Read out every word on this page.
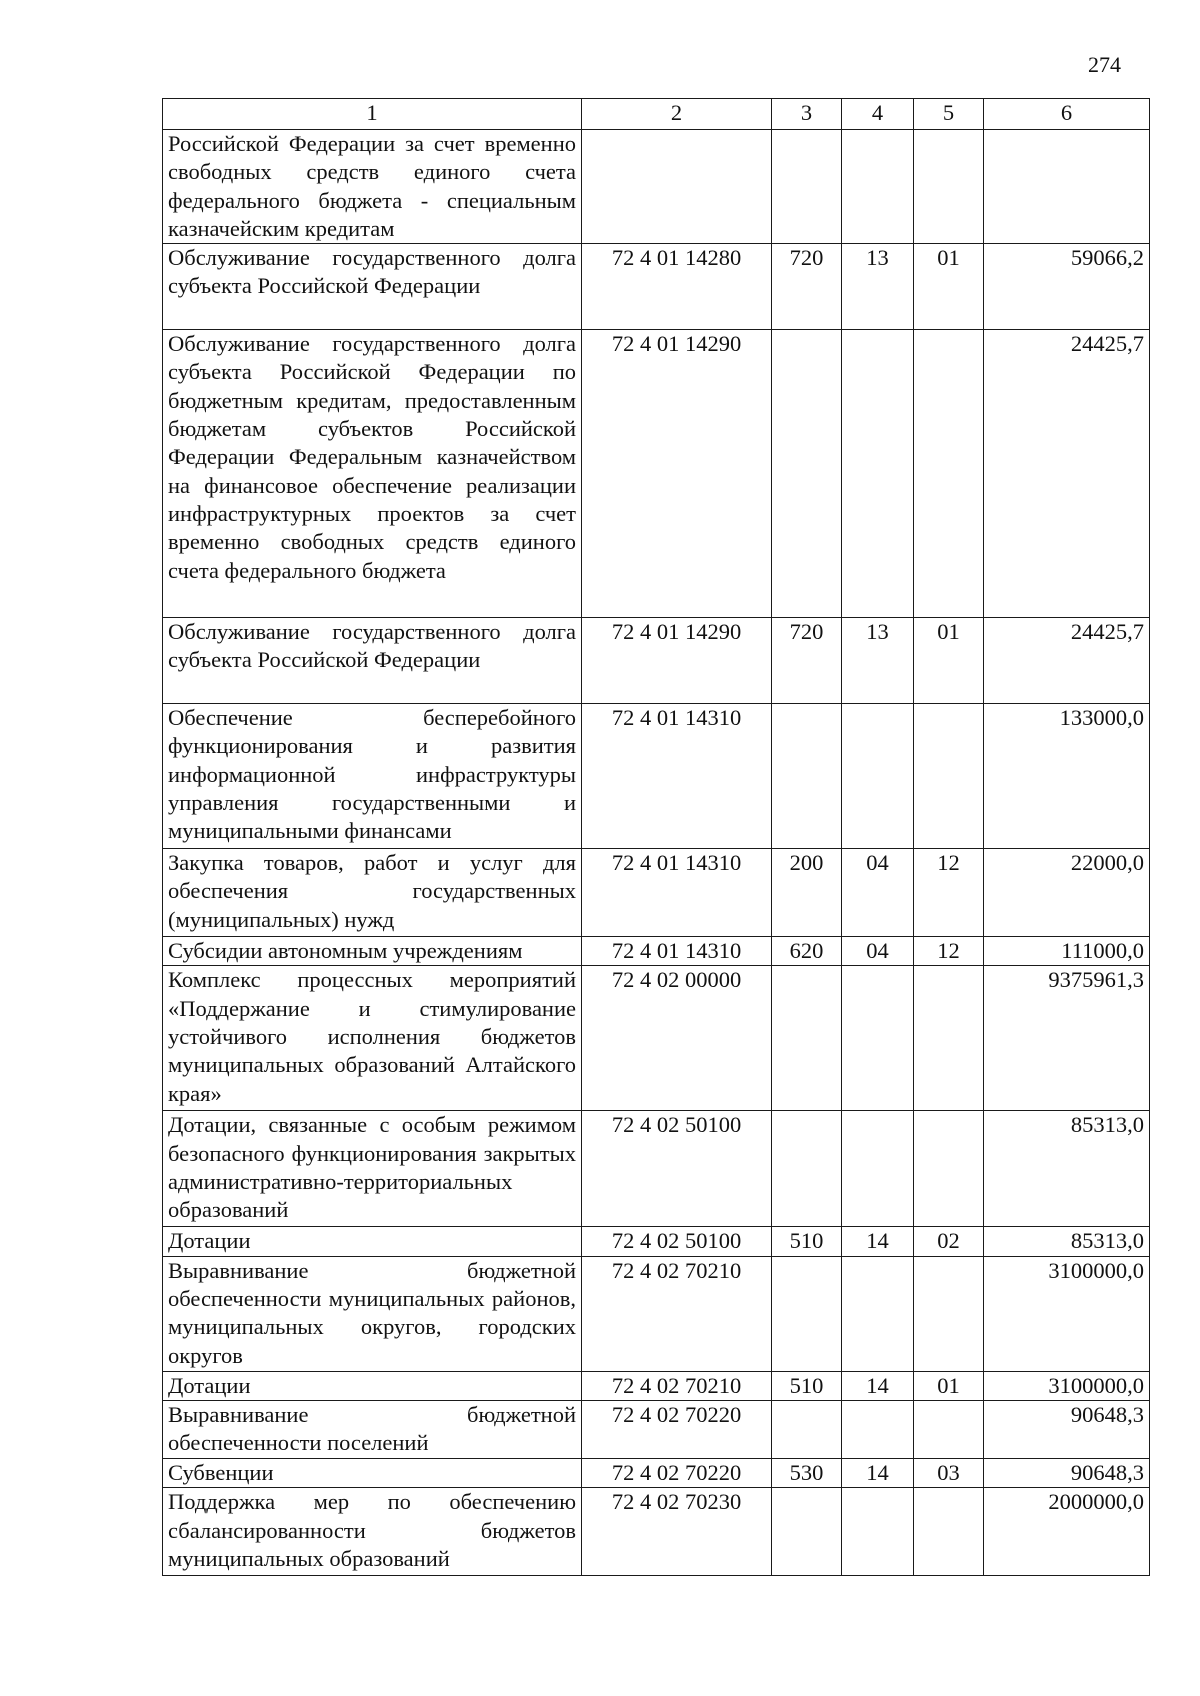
274
1	2	3	4	5	6
Российской Федерации за счет временно свободных средств единого счета федерального бюджета - специальным казначейским кредитам					
Обслуживание государственного долга субъекта Российской Федерации	72 4 01 14280	720	13	01	59066,2
Обслуживание государственного долга субъекта Российской Федерации по бюджетным кредитам, предоставленным бюджетам субъектов Российской Федерации Федеральным казначейством на финансовое обеспечение реализации инфраструктурных проектов за счет временно свободных средств единого счета федерального бюджета	72 4 01 14290				24425,7
Обслуживание государственного долга субъекта Российской Федерации	72 4 01 14290	720	13	01	24425,7
Обеспечение бесперебойного функционирования и развития информационной инфраструктуры управления государственными и муниципальными финансами	72 4 01 14310				133000,0
Закупка товаров, работ и услуг для обеспечения государственных (муниципальных) нужд	72 4 01 14310	200	04	12	22000,0
Субсидии автономным учреждениям	72 4 01 14310	620	04	12	111000,0
Комплекс процессных мероприятий «Поддержание и стимулирование устойчивого исполнения бюджетов муниципальных образований Алтайского края»	72 4 02 00000				9375961,3
Дотации, связанные с особым режимом безопасного функционирования закрытых административно-территориальных образований	72 4 02 50100				85313,0
Дотации	72 4 02 50100	510	14	02	85313,0
Выравнивание бюджетной обеспеченности муниципальных районов, муниципальных округов, городских округов	72 4 02 70210				3100000,0
Дотации	72 4 02 70210	510	14	01	3100000,0
Выравнивание бюджетной обеспеченности поселений	72 4 02 70220				90648,3
Субвенции	72 4 02 70220	530	14	03	90648,3
Поддержка мер по обеспечению сбалансированности бюджетов муниципальных образований	72 4 02 70230				2000000,0
